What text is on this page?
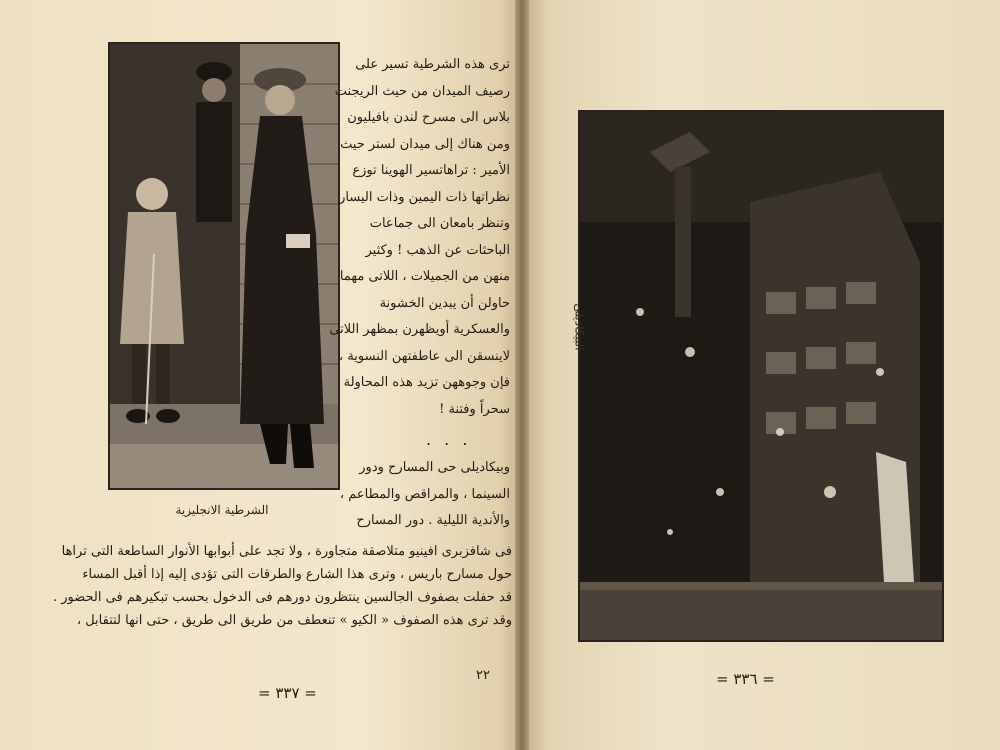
الشرطية الانجليزية

ترى هذه الشرطية تسير على

رصيف الميدان من حيث الريجنت

بلاس الى مسرح لندن بافيليون

ومن هناك إلى ميدان لستر حيث

الأمير : تراهاتسير الهوينا توزع

نظراتها ذات اليمين وذات اليسار

وتنظر بامعان الى جماعات

الباحثات عن الذهب ! وكثير

منهن من الجميلات ، اللاتى مهما

حاولن أن يبدين الخشونة

والعسكرية أويظهرن بمظهر اللاتى

لاينسقن الى عاطفتهن النسوية ،

فإن وجوههن تزيد هذه المحاولة

سحراً وفتنة !

. . .

وبيكاديلى حى المسارح ودور

السينما ، والمراقص والمطاعم ،

والأندية الليلية . دور المسارح

فى شافزبرى افينيو متلاصقة متجاورة ، ولا تجد على أبوابها الأنوار الساطعة التى تراها

حول مسارح باريس ، وترى هذا الشارع والطرقات التى تؤدى إليه إذا أقبل المساء

قد حفلت بصفوف الجالسين ينتظرون دورهم فى الدخول بحسب تبكيرهم فى الحضور .

وقد ترى هذه الصفوف « الكيو » تنعطف من طريق الى طريق ، حتى انها لتتقابل ،

٢٢
= ٣٣٧ =
= ٣٣٦ =
البيكاديلى
